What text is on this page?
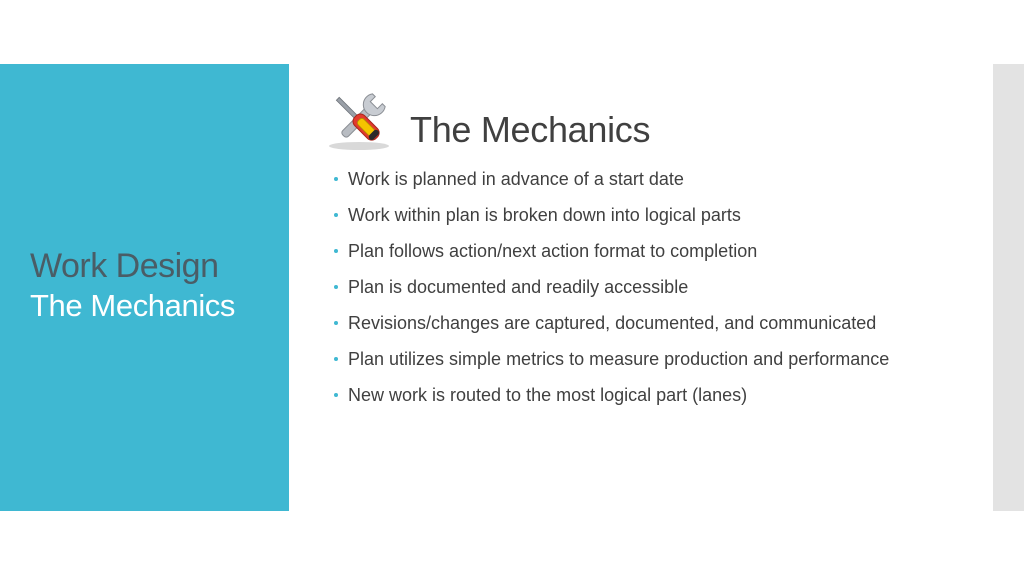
Work Design
The Mechanics
The Mechanics
Work is planned in advance of a start date
Work within plan is broken down into logical parts
Plan follows action/next action format to completion
Plan is documented and readily accessible
Revisions/changes are captured, documented, and communicated
Plan utilizes simple metrics to measure production and performance
New work is routed to the most logical part (lanes)
